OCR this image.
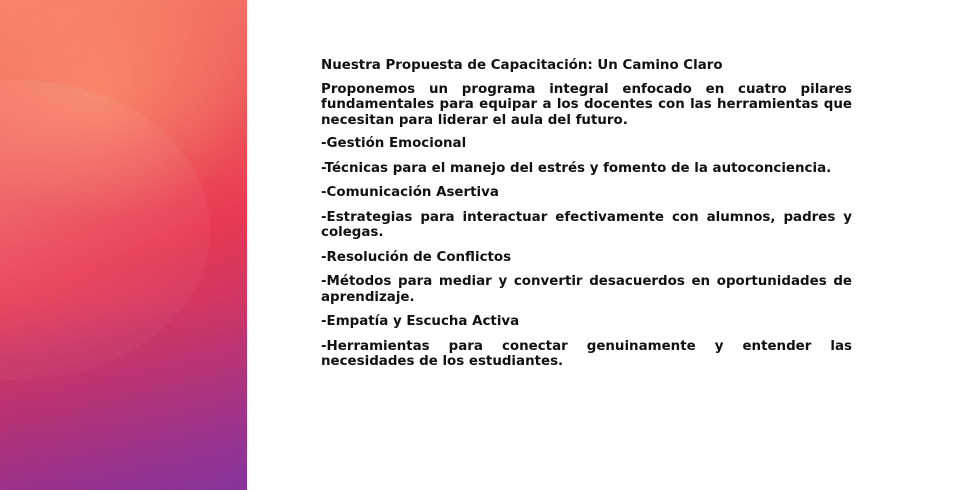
Nuestra Propuesta de Capacitación: Un Camino Claro
Proponemos un programa integral enfocado en cuatro pilares fundamentales para equipar a los docentes con las herramientas que necesitan para liderar el aula del futuro.
-Gestión Emocional
-Técnicas para el manejo del estrés y fomento de la autoconciencia.
-Comunicación Asertiva
-Estrategias para interactuar efectivamente con alumnos, padres y colegas.
-Resolución de Conflictos
-Métodos para mediar y convertir desacuerdos en oportunidades de aprendizaje.
-Empatía y Escucha Activa
-Herramientas para conectar genuinamente y entender las necesidades de los estudiantes.
